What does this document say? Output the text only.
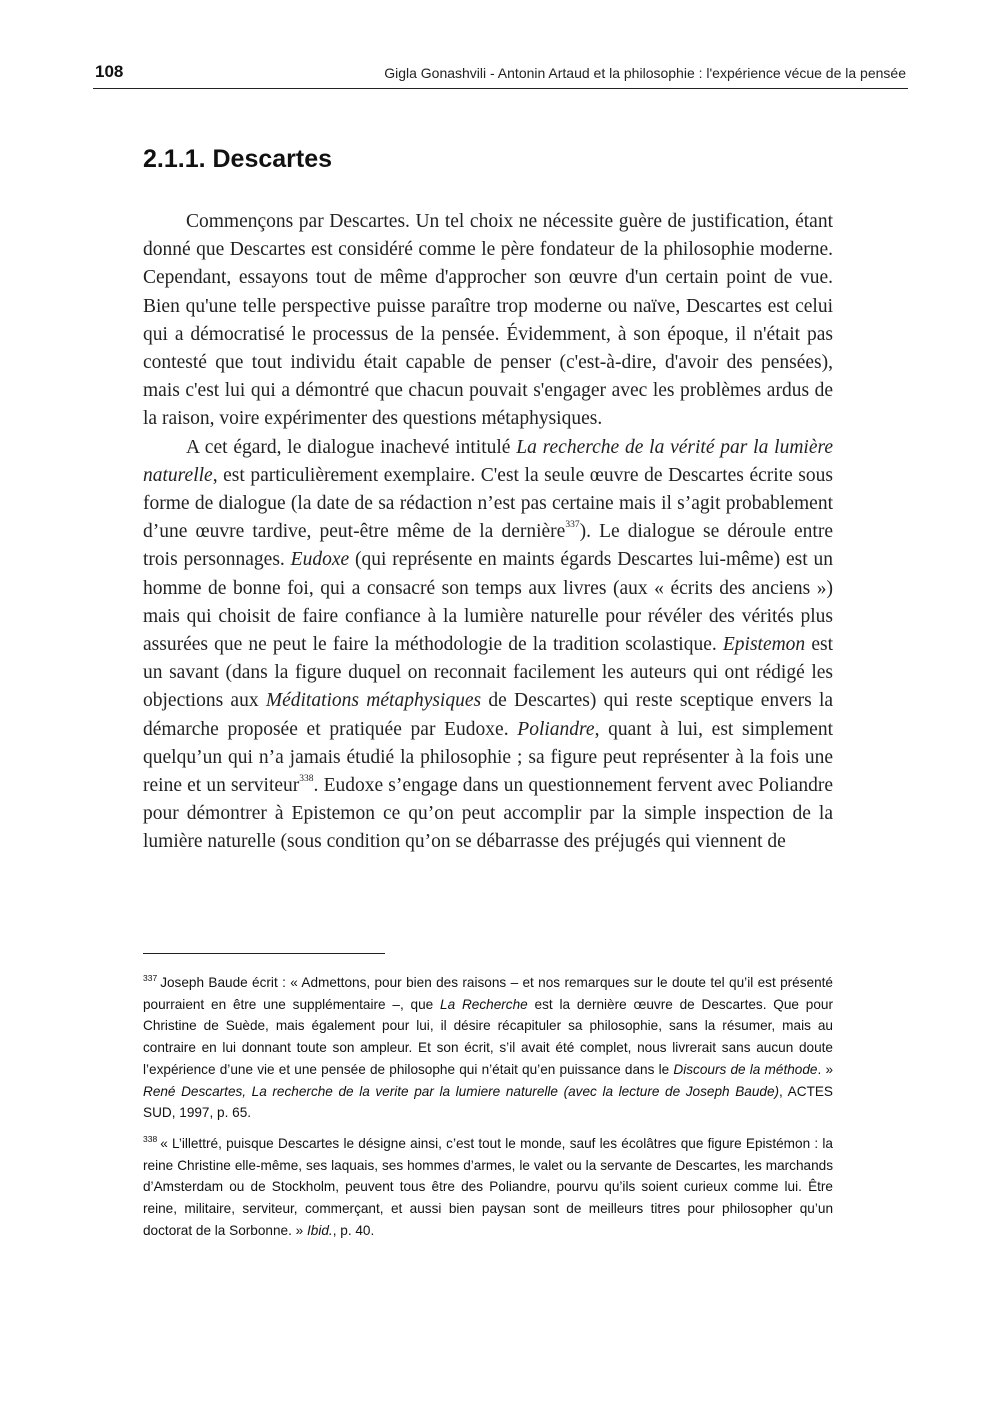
108	Gigla Gonashvili - Antonin Artaud et la philosophie : l'expérience vécue de la pensée
2.1.1. Descartes

Commençons par Descartes. Un tel choix ne nécessite guère de justification, étant donné que Descartes est considéré comme le père fondateur de la philosophie moderne. Cependant, essayons tout de même d'approcher son œuvre d'un certain point de vue. Bien qu'une telle perspective puisse paraître trop moderne ou naïve, Descartes est celui qui a démocratisé le processus de la pensée. Évidemment, à son époque, il n'était pas contesté que tout individu était capable de penser (c'est-à-dire, d'avoir des pensées), mais c'est lui qui a démontré que chacun pouvait s'engager avec les problèmes ardus de la raison, voire expérimenter des questions métaphysiques.

A cet égard, le dialogue inachevé intitulé La recherche de la vérité par la lumière naturelle, est particulièrement exemplaire. C'est la seule œuvre de Descartes écrite sous forme de dialogue (la date de sa rédaction n’est pas certaine mais il s’agit probablement d’une œuvre tardive, peut-être même de la dernière$^{337}$). Le dialogue se déroule entre trois personnages. Eudoxe (qui représente en maints égards Descartes lui-même) est un homme de bonne foi, qui a consacré son temps aux livres (aux « écrits des anciens ») mais qui choisit de faire confiance à la lumière naturelle pour révéler des vérités plus assurées que ne peut le faire la méthodologie de la tradition scolastique. Epistemon est un savant (dans la figure duquel on reconnait facilement les auteurs qui ont rédigé les objections aux Méditations métaphysiques de Descartes) qui reste sceptique envers la démarche proposée et pratiquée par Eudoxe. Poliandre, quant à lui, est simplement quelqu’un qui n’a jamais étudié la philosophie ; sa figure peut représenter à la fois une reine et un serviteur$^{338}$. Eudoxe s’engage dans un questionnement fervent avec Poliandre pour démontrer à Epistemon ce qu’on peut accomplir par la simple inspection de la lumière naturelle (sous condition qu’on se débarrasse des préjugés qui viennent de

$^{337}$ Joseph Baude écrit : « Admettons, pour bien des raisons – et nos remarques sur le doute tel qu’il est présenté pourraient en être une supplémentaire –, que La Recherche est la dernière œuvre de Descartes. Que pour Christine de Suède, mais également pour lui, il désire récapituler sa philosophie, sans la résumer, mais au contraire en lui donnant toute son ampleur. Et son écrit, s’il avait été complet, nous livrerait sans aucun doute l’expérience d’une vie et une pensée de philosophe qui n’était qu’en puissance dans le Discours de la méthode. » René Descartes, La recherche de la verite par la lumiere naturelle (avec la lecture de Joseph Baude), ACTES SUD, 1997, p. 65.

$^{338}$ « L’illettré, puisque Descartes le désigne ainsi, c’est tout le monde, sauf les écolâtres que figure Epistémon : la reine Christine elle-même, ses laquais, ses hommes d’armes, le valet ou la servante de Descartes, les marchands d’Amsterdam ou de Stockholm, peuvent tous être des Poliandre, pourvu qu’ils soient curieux comme lui. Être reine, militaire, serviteur, commerçant, et aussi bien paysan sont de meilleurs titres pour philosopher qu’un doctorat de la Sorbonne. » Ibid., p. 40.
